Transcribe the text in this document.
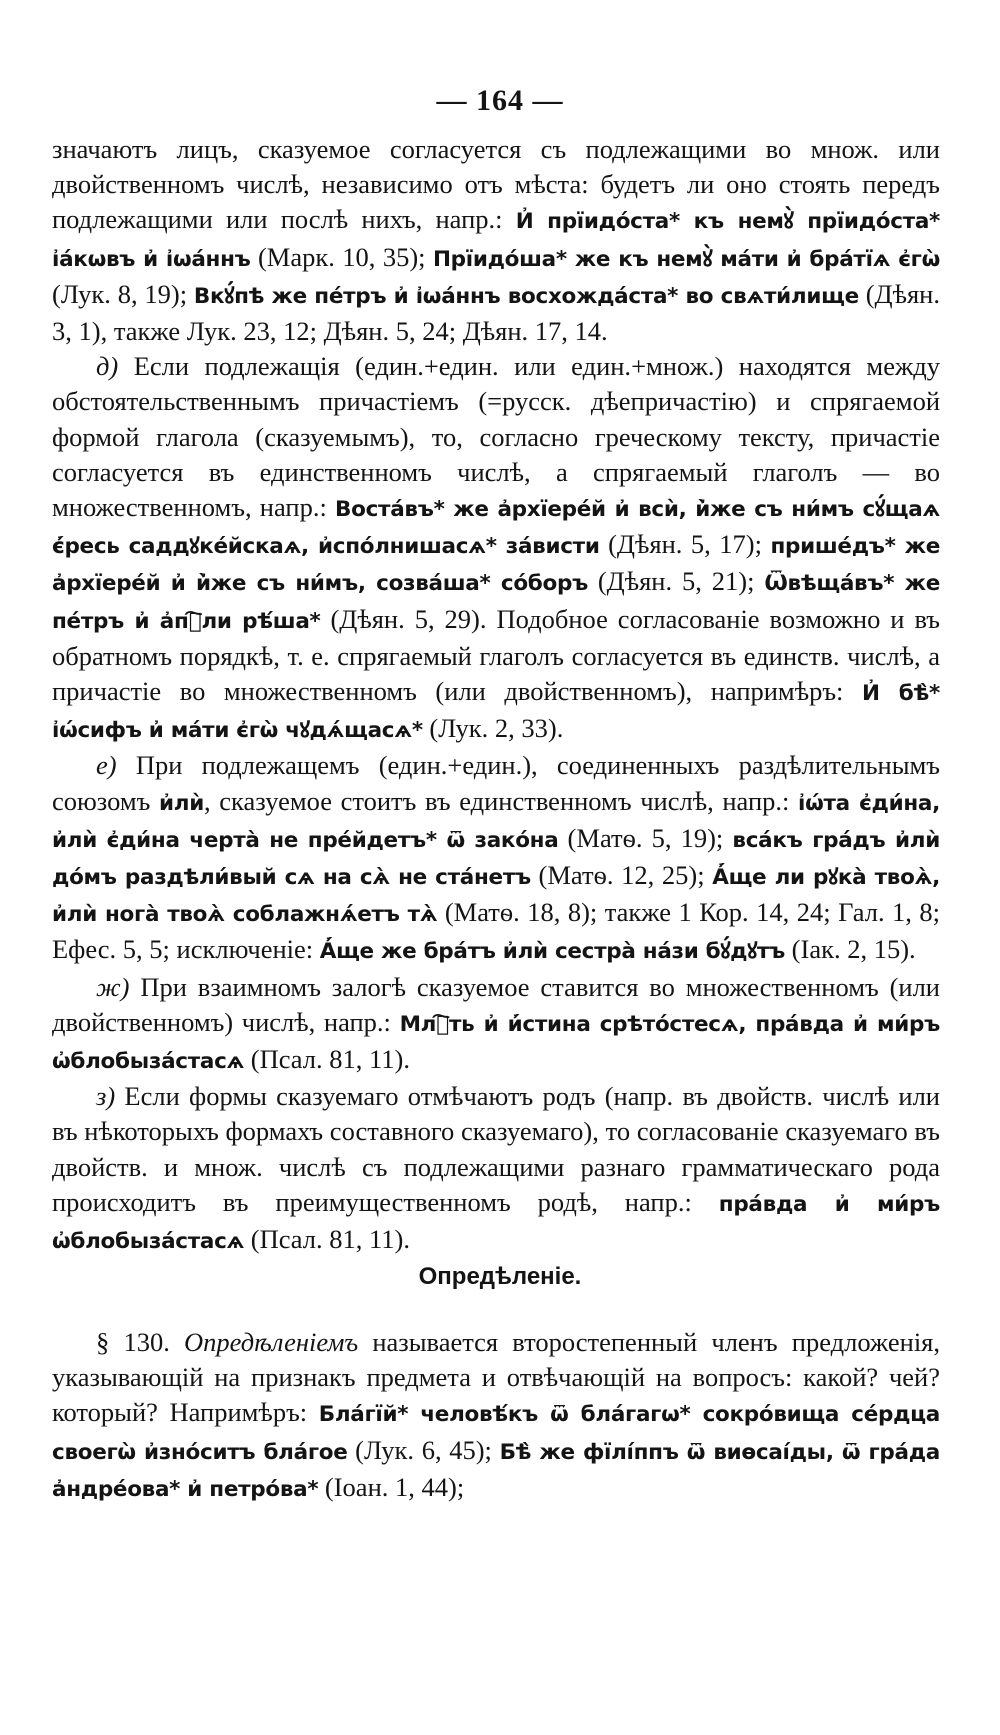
— 164 —

значаютъ лицъ, сказуемое согласуется съ подлежащими во множ. или двойственномъ числѣ, независимо отъ мѣста: будетъ ли оно стоять передъ подлежащими или послѣ нихъ, напр.: И҆ прїидо́ста* къ немꙋ̀ прїидо́ста* і҆а́кѡвъ и҆ і҆ѡа́ннъ (Марк. 10, 35); Прїидо́ша* же къ немꙋ̀ ма́ти и҆ бра́тїѧ є҆гѡ̀ (Лук. 8, 19); Вкꙋ́пѣ же пе́тръ и҆ і҆ѡа́ннъ восхожда́ста* во свѧти́лище (Дѣян. 3, 1), также Лук. 23, 12; Дѣян. 5, 24; Дѣян. 17, 14.

д) Если подлежащія (един.+един. или един.+множ.) находятся между обстоятельственнымъ причастіемъ (=русск. дѣепричастію) и спрягаемой формой глагола (сказуемымъ), то, согласно греческому тексту, причастіе согласуется въ единственномъ числѣ, а спрягаемый глаголъ — во множественномъ, напр.: Воста́въ* же а҆рхїере́й и҆ всѝ, и҆̀же съ ни́мъ сꙋ́щаѧ є҆́ресь саддꙋке́йскаѧ, и҆спо́лнишасѧ* за́висти (Дѣян. 5, 17); прише́дъ* же а҆рхїере́й и҆ и҆̀же съ ни́мъ, созва́ша* со́боръ (Дѣян. 5, 21); Ѿвѣща́въ* же пе́тръ и҆ а҆пⷭ҇ли рѣ́ша* (Дѣян. 5, 29). Подобное согласованіе возможно и въ обратномъ порядкѣ, т. е. спрягаемый глаголъ согласуется въ единств. числѣ, а причастіе во множественномъ (или двойственномъ), напримѣръ: И҆ бѣ̀* і҆ѡ́сифъ и҆ ма́ти є҆гѡ̀ чꙋдѧ́щасѧ* (Лук. 2, 33).

е) При подлежащемъ (един.+един.), соединенныхъ раздѣлительнымъ союзомъ и҆лѝ, сказуемое стоитъ въ единственномъ числѣ, напр.: і҆ѡ́та є҆ди́на, и҆лѝ є҆ди́на черта̀ не пре́йдетъ* ѿ зако́на (Матѳ. 5, 19); вса́къ гра́дъ и҆лѝ до́мъ раздѣли́вый сѧ на сѧ̀ не ста́нетъ (Матѳ. 12, 25); А҆́ще ли рꙋка̀ твоѧ̀, и҆лѝ нога̀ твоѧ̀ соблажнѧ́етъ тѧ̀ (Матѳ. 18, 8); также 1 Кор. 14, 24; Гал. 1, 8; Ефес. 5, 5; исключеніе: А҆́ще же бра́тъ и҆лѝ сестра̀ на́зи бꙋ́дꙋтъ (Іак. 2, 15).

ж) При взаимномъ залогѣ сказуемое ставится во множественномъ (или двойственномъ) числѣ, напр.: Млⷭ҇ть и҆ и҆́стина срѣто́стесѧ, пра́вда и҆ ми́ръ ѡ҆блобыза́стасѧ (Псал. 81, 11).

з) Если формы сказуемаго отмѣчаютъ родъ (напр. въ двойств. числѣ или въ нѣкоторыхъ формахъ составного сказуемаго), то согласованіе сказуемаго въ двойств. и множ. числѣ съ подлежащими разнаго грамматическаго рода происходитъ въ преимущественномъ родѣ, напр.: пра́вда и҆ ми́ръ ѡ҆блобыза́стасѧ (Псал. 81, 11).

Опредѣленіе.

§ 130. Опредѣленіемъ называется второстепенный членъ предложенія, указывающій на признакъ предмета и отвѣчающій на вопросъ: какой? чей? который? Напримѣръ: Бла́гїй* человѣ́къ ѿ бла́гагѡ* сокро́вища се́рдца своегѡ̀ и҆зно́ситъ бла́гое (Лук. 6, 45); Бѣ̀ же фїлі́ппъ ѿ виѳсаі́ды, ѿ гра́да а҆ндре́ова* и҆ петро́ва* (Іоан. 1, 44);
